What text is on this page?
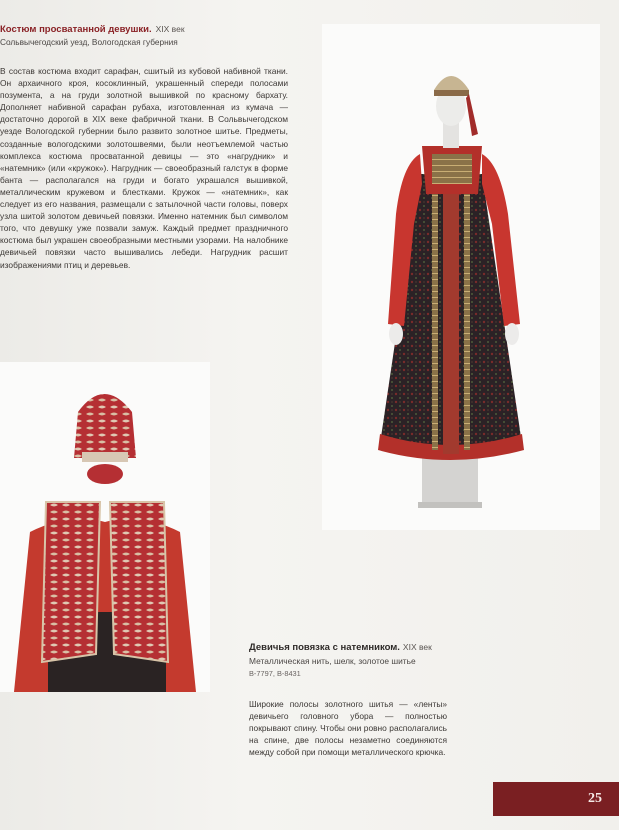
Костюм просватанной девушки. XIX век
Сольвычегодский уезд, Вологодская губерния

В состав костюма входит сарафан, сшитый из кубовой набивной ткани. Он архаичного кроя, косоклинный, украшенный спереди полосами позумента, а на груди золотной вышивкой по красному бархату. Дополняет набивной сарафан рубаха, изготовленная из кумача — достаточно дорогой в XIX веке фабричной ткани. В Сольвычегодском уезде Вологодской губернии было развито золотное шитье. Предметы, созданные вологодскими золотошвеями, были неотъемлемой частью комплекса костюма просватанной девицы — это «нагрудник» и «натемник» (или «кружок»). Нагрудник — своеобразный галстук в форме банта — располагался на груди и богато украшался вышивкой, металлическим кружевом и блестками. Кружок — «натемник», как следует из его названия, размещали с затылочной части головы, поверх узла шитой золотом девичьей повязки. Именно натемник был символом того, что девушку уже позвали замуж. Каждый предмет праздничного костюма был украшен своеобразными местными узорами. На налобнике девичьей повязки часто вышивались лебеди. Нагрудник расшит изображениями птиц и деревьев.

Девичья повязка с натемником. XIX век
Металлическая нить, шелк, золотое шитье
В-7797, В-8431

Широкие полосы золотного шитья — «ленты» девичьего головного убора — полностью покрывают спину. Чтобы они ровно располагались на спине, две полосы незаметно соединяются между собой при помощи металлического крючка.

25
